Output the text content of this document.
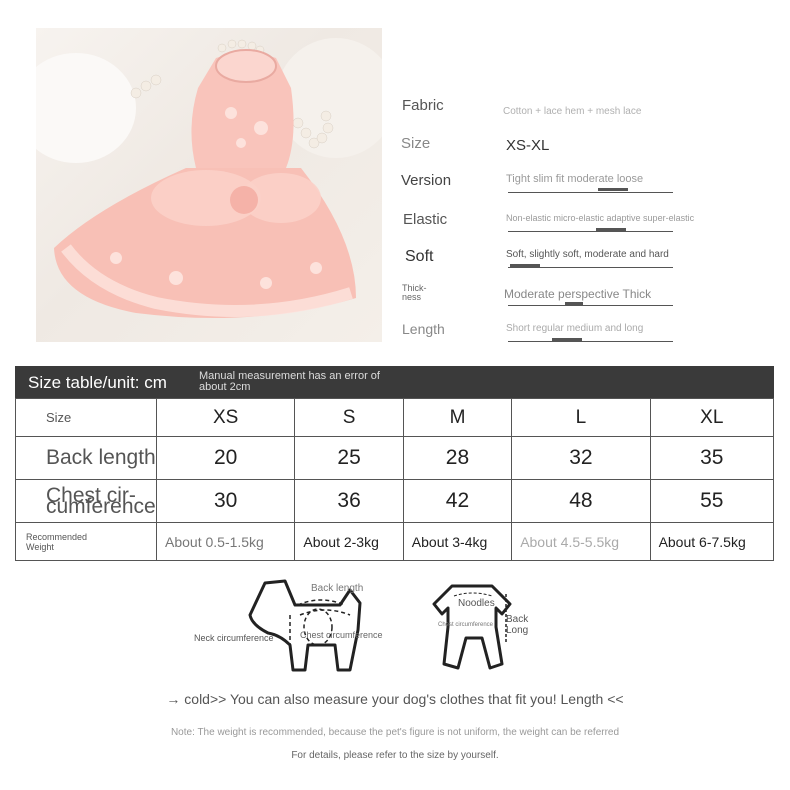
Fabric	Cotton + lace hem + mesh lace
Size	XS-XL
Version	Tight slim fit moderate loose
Elastic	Non-elastic micro-elastic adaptive super-elastic
Soft	Soft, slightly soft, moderate and hard
Thick-
ness	Moderate perspective Thick
Length	Short regular medium and long
Size table/unit: cm	Manual measurement has an error of about 2cm
Size	XS	S	M	L	XL
Back length	20	25	28	32	35
Chest cir-
cumference	30	36	42	48	55
Recommended
Weight	About 0.5-1.5kg	About 2-3kg	About 3-4kg	About 4.5-5.5kg	About 6-7.5kg
Back length
Neck circumference	Chest circumference
Noodles
Chest circumference Back
Long
→ cold>> You can also measure your dog's clothes that fit you! Length <<
Note: The weight is recommended, because the pet's figure is not uniform, the weight can be referred
For details, please refer to the size by yourself.
